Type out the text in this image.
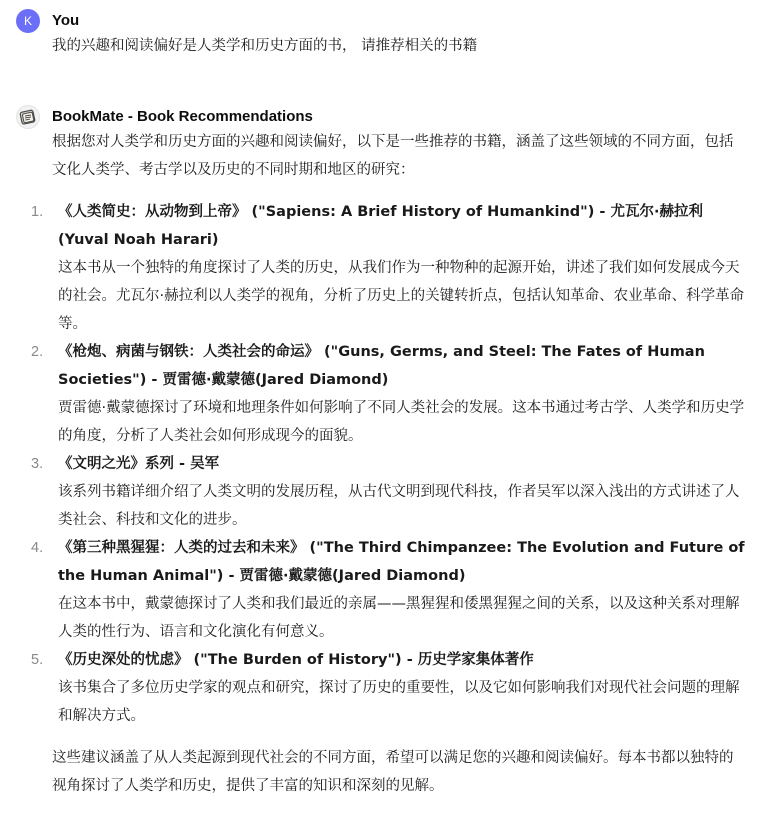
K	You
我的兴趣和阅读偏好是人类学和历史方面的书， 请推荐相关的书籍
BookMate - Book Recommendations
根据您对人类学和历史方面的兴趣和阅读偏好，以下是一些推荐的书籍，涵盖了这些领域的不同方面，包括文化人类学、考古学以及历史的不同时期和地区的研究：
1. 《人类简史：从动物到上帝》 ("Sapiens: A Brief History of Humankind") - 尤瓦尔·赫拉利(Yuval Noah Harari)
这本书从一个独特的角度探讨了人类的历史，从我们作为一种物种的起源开始，讲述了我们如何发展成今天的社会。尤瓦尔·赫拉利以人类学的视角，分析了历史上的关键转折点，包括认知革命、农业革命、科学革命等。
2. 《枪炮、病菌与钢铁：人类社会的命运》 ("Guns, Germs, and Steel: The Fates of Human Societies") - 贾雷德·戴蒙德(Jared Diamond)
贾雷德·戴蒙德探讨了环境和地理条件如何影响了不同人类社会的发展。这本书通过考古学、人类学和历史学的角度，分析了人类社会如何形成现今的面貌。
3. 《文明之光》系列 - 吴军
该系列书籍详细介绍了人类文明的发展历程，从古代文明到现代科技，作者吴军以深入浅出的方式讲述了人类社会、科技和文化的进步。
4. 《第三种黑猩猩：人类的过去和未来》 ("The Third Chimpanzee: The Evolution and Future of the Human Animal") - 贾雷德·戴蒙德(Jared Diamond)
在这本书中，戴蒙德探讨了人类和我们最近的亲属——黑猩猩和倭黑猩猩之间的关系，以及这种关系对理解人类的性行为、语言和文化演化有何意义。
5. 《历史深处的忧虑》 ("The Burden of History") - 历史学家集体著作
该书集合了多位历史学家的观点和研究，探讨了历史的重要性，以及它如何影响我们对现代社会问题的理解和解决方式。
这些建议涵盖了从人类起源到现代社会的不同方面，希望可以满足您的兴趣和阅读偏好。每本书都以独特的视角探讨了人类学和历史，提供了丰富的知识和深刻的见解。
